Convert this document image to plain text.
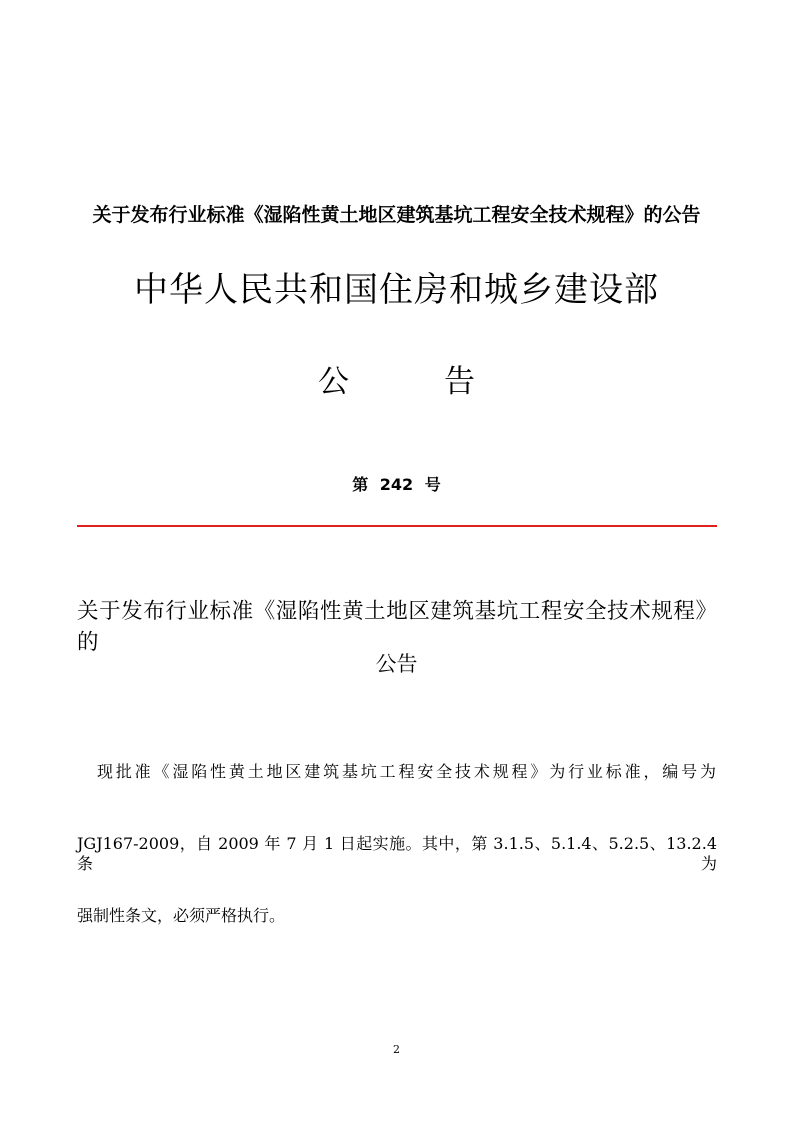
关于发布行业标准《湿陷性黄土地区建筑基坑工程安全技术规程》的公告
中华人民共和国住房和城乡建设部
公	告
第 242 号
关于发布行业标准《湿陷性黄土地区建筑基坑工程安全技术规程》的
公告
现批准《湿陷性黄土地区建筑基坑工程安全技术规程》为行业标准，编号为
JGJ167-2009，自 2009 年 7 月 1 日起实施。其中，第 3.1.5、5.1.4、5.2.5、13.2.4 条为
强制性条文，必须严格执行。
2
